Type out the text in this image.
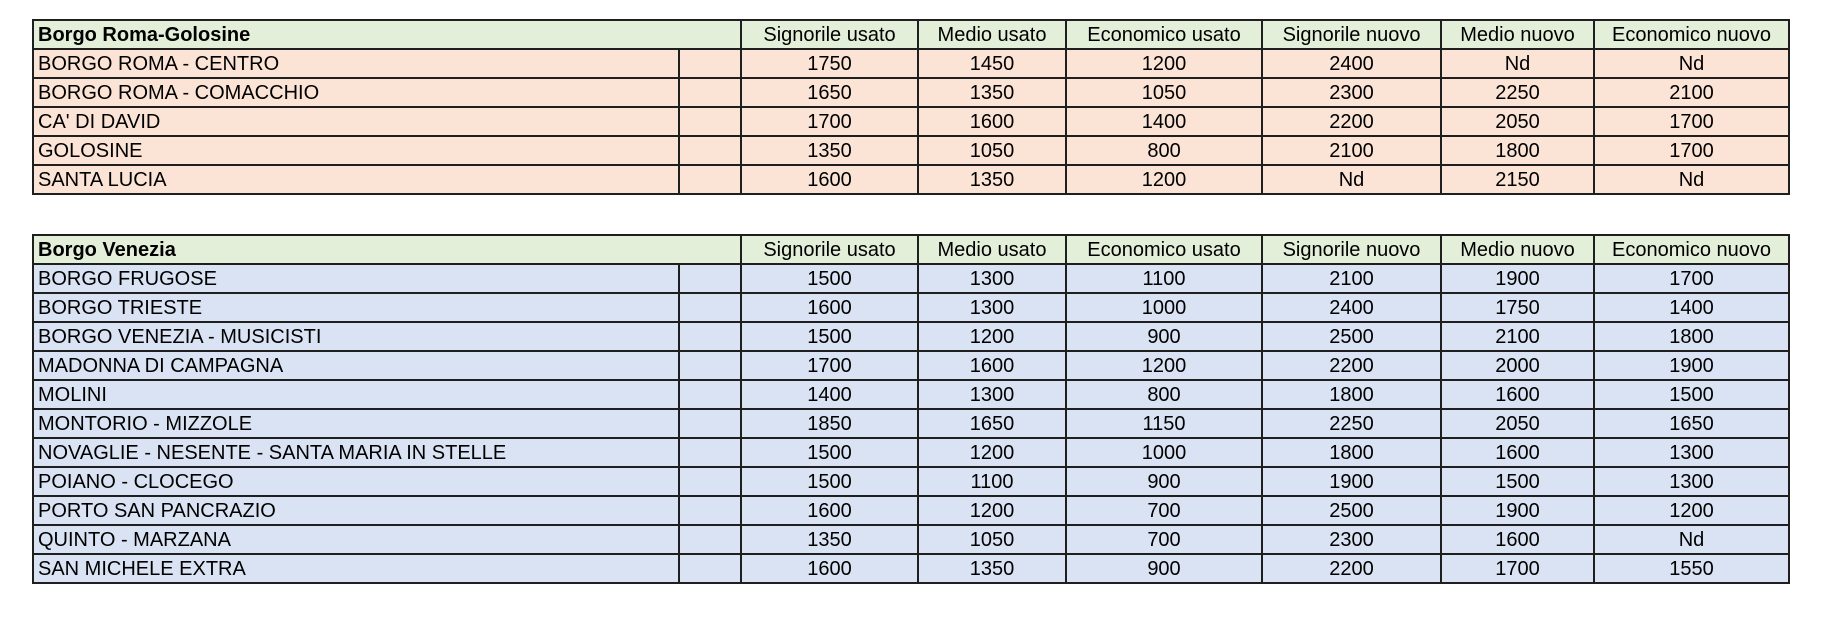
Borgo Roma-Golosine		Signorile usato	Medio usato	Economico usato	Signorile nuovo	Medio nuovo	Economico nuovo
BORGO ROMA - CENTRO		1750	1450	1200	2400	Nd	Nd
BORGO ROMA - COMACCHIO		1650	1350	1050	2300	2250	2100
CA' DI DAVID		1700	1600	1400	2200	2050	1700
GOLOSINE		1350	1050	800	2100	1800	1700
SANTA LUCIA		1600	1350	1200	Nd	2150	Nd
Borgo Venezia		Signorile usato	Medio usato	Economico usato	Signorile nuovo	Medio nuovo	Economico nuovo
BORGO FRUGOSE		1500	1300	1100	2100	1900	1700
BORGO TRIESTE		1600	1300	1000	2400	1750	1400
BORGO VENEZIA - MUSICISTI		1500	1200	900	2500	2100	1800
MADONNA DI CAMPAGNA		1700	1600	1200	2200	2000	1900
MOLINI		1400	1300	800	1800	1600	1500
MONTORIO - MIZZOLE		1850	1650	1150	2250	2050	1650
NOVAGLIE - NESENTE - SANTA MARIA IN STELLE		1500	1200	1000	1800	1600	1300
POIANO - CLOCEGO		1500	1100	900	1900	1500	1300
PORTO SAN PANCRAZIO		1600	1200	700	2500	1900	1200
QUINTO - MARZANA		1350	1050	700	2300	1600	Nd
SAN MICHELE EXTRA		1600	1350	900	2200	1700	1550
